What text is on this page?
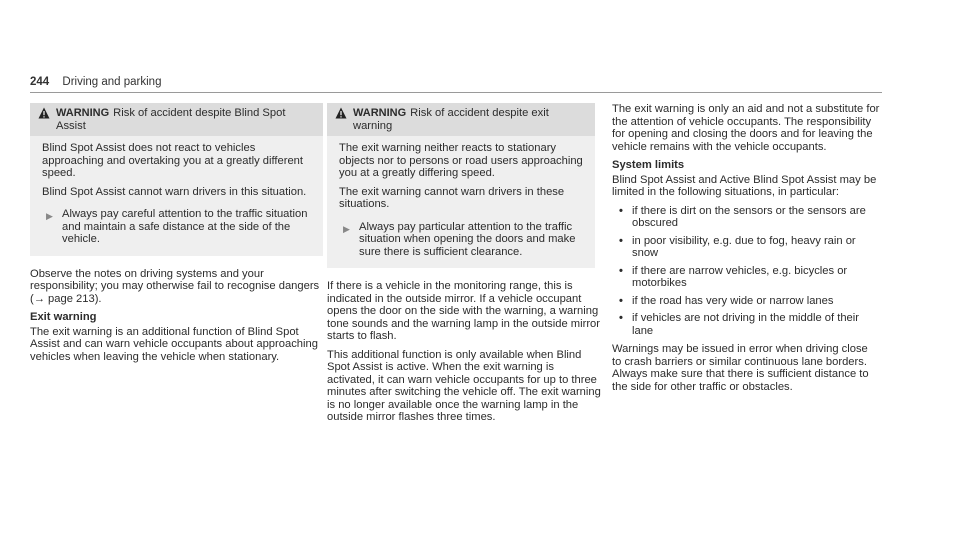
244 Driving and parking
WARNING Risk of accident despite Blind Spot Assist

Blind Spot Assist does not react to vehicles approaching and overtaking you at a greatly different speed.

Blind Spot Assist cannot warn drivers in this situation.

▶ Always pay careful attention to the traffic situation and maintain a safe distance at the side of the vehicle.

Observe the notes on driving systems and your responsibility; you may otherwise fail to recognise dangers (→ page 213).

Exit warning

The exit warning is an additional function of Blind Spot Assist and can warn vehicle occupants about approaching vehicles when leaving the vehicle when stationary.

WARNING Risk of accident despite exit warning

The exit warning neither reacts to stationary objects nor to persons or road users approaching you at a greatly differing speed.

The exit warning cannot warn drivers in these situations.

▶ Always pay particular attention to the traffic situation when opening the doors and make sure there is sufficient clearance.

If there is a vehicle in the monitoring range, this is indicated in the outside mirror. If a vehicle occupant opens the door on the side with the warning, a warning tone sounds and the warning lamp in the outside mirror starts to flash.

This additional function is only available when Blind Spot Assist is active. When the exit warning is activated, it can warn vehicle occupants for up to three minutes after switching the vehicle off. The exit warning is no longer available once the warning lamp in the outside mirror flashes three times.

The exit warning is only an aid and not a substitute for the attention of vehicle occupants. The responsibility for opening and closing the doors and for leaving the vehicle remains with the vehicle occupants.

System limits

Blind Spot Assist and Active Blind Spot Assist may be limited in the following situations, in particular:

• if there is dirt on the sensors or the sensors are obscured
• in poor visibility, e.g. due to fog, heavy rain or snow
• if there are narrow vehicles, e.g. bicycles or motorbikes
• if the road has very wide or narrow lanes
• if vehicles are not driving in the middle of their lane

Warnings may be issued in error when driving close to crash barriers or similar continuous lane borders. Always make sure that there is sufficient distance to the side for other traffic or obstacles.
